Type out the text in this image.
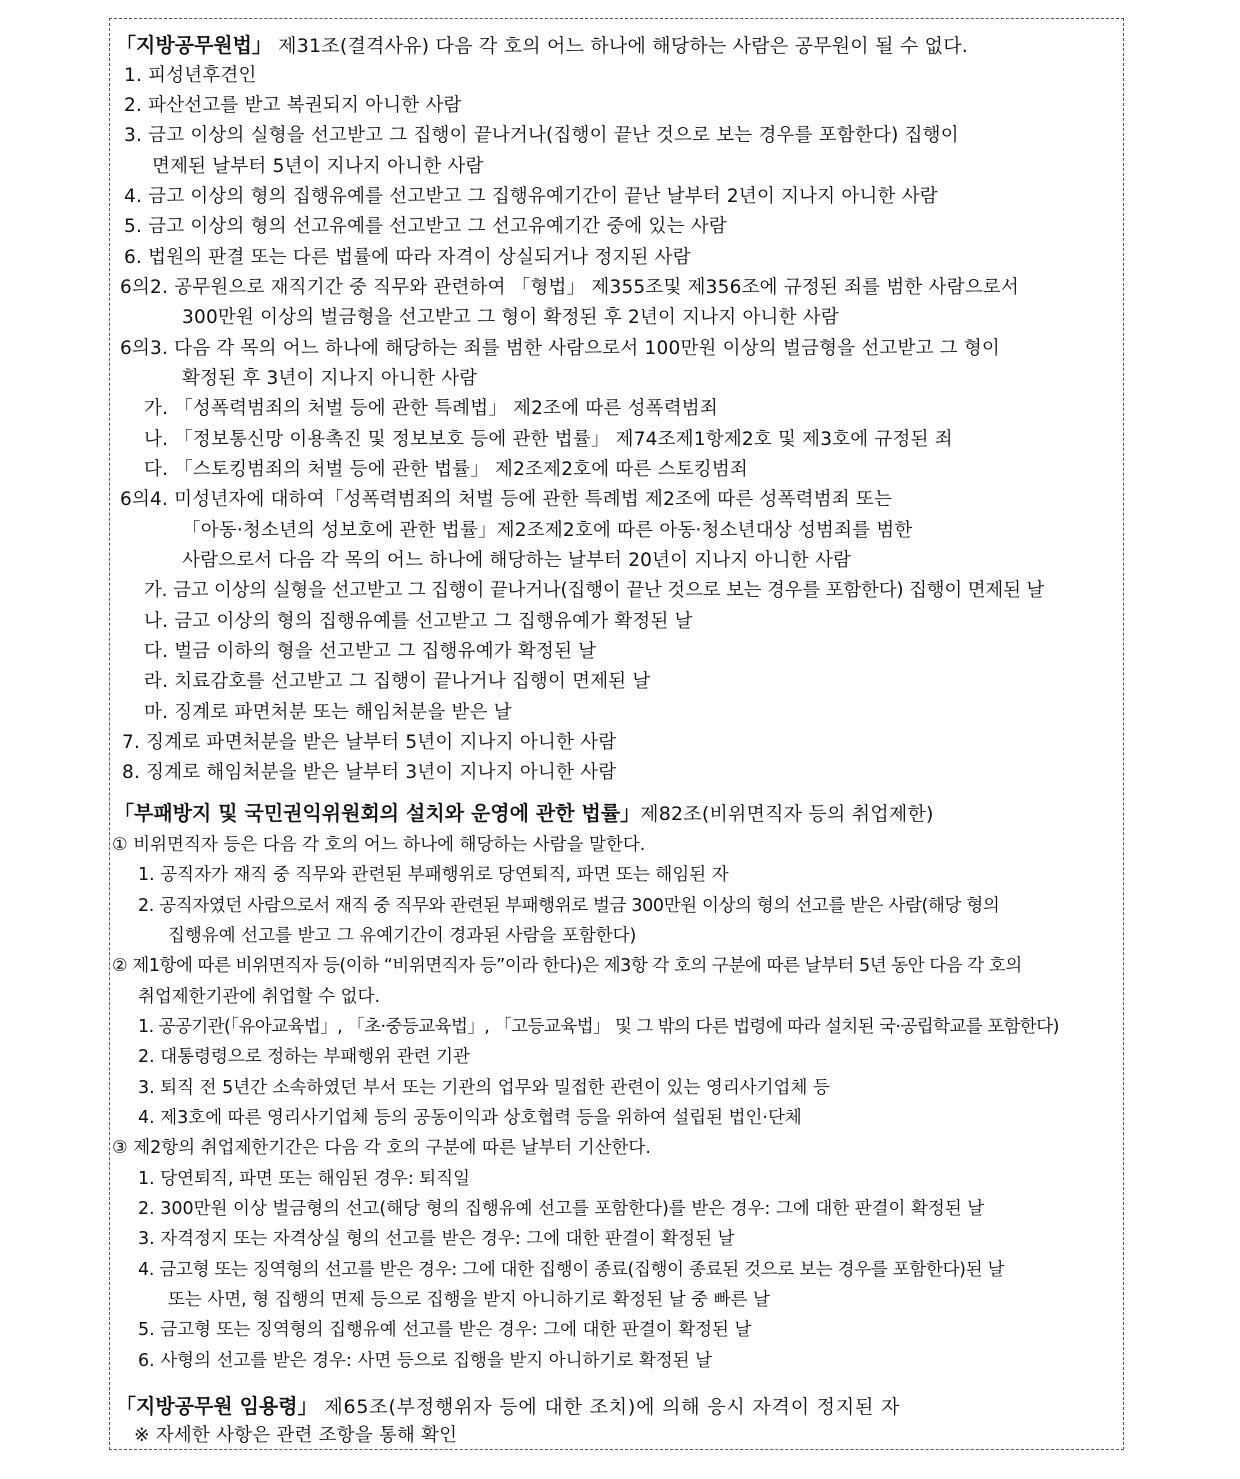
「지방공무원법」 제31조(결격사유) 다음 각 호의 어느 하나에 해당하는 사람은 공무원이 될 수 없다.
1. 피성년후견인
2. 파산선고를 받고 복권되지 아니한 사람
3. 금고 이상의 실형을 선고받고 그 집행이 끝나거나(집행이 끝난 것으로 보는 경우를 포함한다) 집행이
면제된 날부터 5년이 지나지 아니한 사람
4. 금고 이상의 형의 집행유예를 선고받고 그 집행유예기간이 끝난 날부터 2년이 지나지 아니한 사람
5. 금고 이상의 형의 선고유예를 선고받고 그 선고유예기간 중에 있는 사람
6. 법원의 판결 또는 다른 법률에 따라 자격이 상실되거나 정지된 사람
6의2. 공무원으로 재직기간 중 직무와 관련하여 「형법」 제355조및 제356조에 규정된 죄를 범한 사람으로서
300만원 이상의 벌금형을 선고받고 그 형이 확정된 후 2년이 지나지 아니한 사람
6의3. 다음 각 목의 어느 하나에 해당하는 죄를 범한 사람으로서 100만원 이상의 벌금형을 선고받고 그 형이
확정된 후 3년이 지나지 아니한 사람
가. 「성폭력범죄의 처벌 등에 관한 특례법」 제2조에 따른 성폭력범죄
나. 「정보통신망 이용촉진 및 정보보호 등에 관한 법률」 제74조제1항제2호 및 제3호에 규정된 죄
다. 「스토킹범죄의 처벌 등에 관한 법률」 제2조제2호에 따른 스토킹범죄
6의4. 미성년자에 대하여「성폭력범죄의 처벌 등에 관한 특례법 제2조에 따른 성폭력범죄 또는
「아동·청소년의 성보호에 관한 법률」제2조제2호에 따른 아동·청소년대상 성범죄를 범한
사람으로서 다음 각 목의 어느 하나에 해당하는 날부터 20년이 지나지 아니한 사람
가. 금고 이상의 실형을 선고받고 그 집행이 끝나거나(집행이 끝난 것으로 보는 경우를 포함한다) 집행이 면제된 날
나. 금고 이상의 형의 집행유예를 선고받고 그 집행유예가 확정된 날
다. 벌금 이하의 형을 선고받고 그 집행유예가 확정된 날
라. 치료감호를 선고받고 그 집행이 끝나거나 집행이 면제된 날
마. 징계로 파면처분 또는 해임처분을 받은 날
7. 징계로 파면처분을 받은 날부터 5년이 지나지 아니한 사람
8. 징계로 해임처분을 받은 날부터 3년이 지나지 아니한 사람
「부패방지 및 국민권익위원회의 설치와 운영에 관한 법률」제82조(비위면직자 등의 취업제한)
① 비위면직자 등은 다음 각 호의 어느 하나에 해당하는 사람을 말한다.
1. 공직자가 재직 중 직무와 관련된 부패행위로 당연퇴직, 파면 또는 해임된 자
2. 공직자였던 사람으로서 재직 중 직무와 관련된 부패행위로 벌금 300만원 이상의 형의 선고를 받은 사람(해당 형의
집행유예 선고를 받고 그 유예기간이 경과된 사람을 포함한다)
② 제1항에 따른 비위면직자 등(이하 “비위면직자 등”이라 한다)은 제3항 각 호의 구분에 따른 날부터 5년 동안 다음 각 호의
취업제한기관에 취업할 수 없다.
1. 공공기관(「유아교육법」, 「초·중등교육법」, 「고등교육법」 및 그 밖의 다른 법령에 따라 설치된 국·공립학교를 포함한다)
2. 대통령령으로 정하는 부패행위 관련 기관
3. 퇴직 전 5년간 소속하였던 부서 또는 기관의 업무와 밀접한 관련이 있는 영리사기업체 등
4. 제3호에 따른 영리사기업체 등의 공동이익과 상호협력 등을 위하여 설립된 법인·단체
③ 제2항의 취업제한기간은 다음 각 호의 구분에 따른 날부터 기산한다.
1. 당연퇴직, 파면 또는 해임된 경우: 퇴직일
2. 300만원 이상 벌금형의 선고(해당 형의 집행유예 선고를 포함한다)를 받은 경우: 그에 대한 판결이 확정된 날
3. 자격정지 또는 자격상실 형의 선고를 받은 경우: 그에 대한 판결이 확정된 날
4. 금고형 또는 징역형의 선고를 받은 경우: 그에 대한 집행이 종료(집행이 종료된 것으로 보는 경우를 포함한다)된 날
또는 사면, 형 집행의 면제 등으로 집행을 받지 아니하기로 확정된 날 중 빠른 날
5. 금고형 또는 징역형의 집행유예 선고를 받은 경우: 그에 대한 판결이 확정된 날
6. 사형의 선고를 받은 경우: 사면 등으로 집행을 받지 아니하기로 확정된 날
「지방공무원 임용령」 제65조(부정행위자 등에 대한 조치)에 의해 응시 자격이 정지된 자
※ 자세한 사항은 관련 조항을 통해 확인
